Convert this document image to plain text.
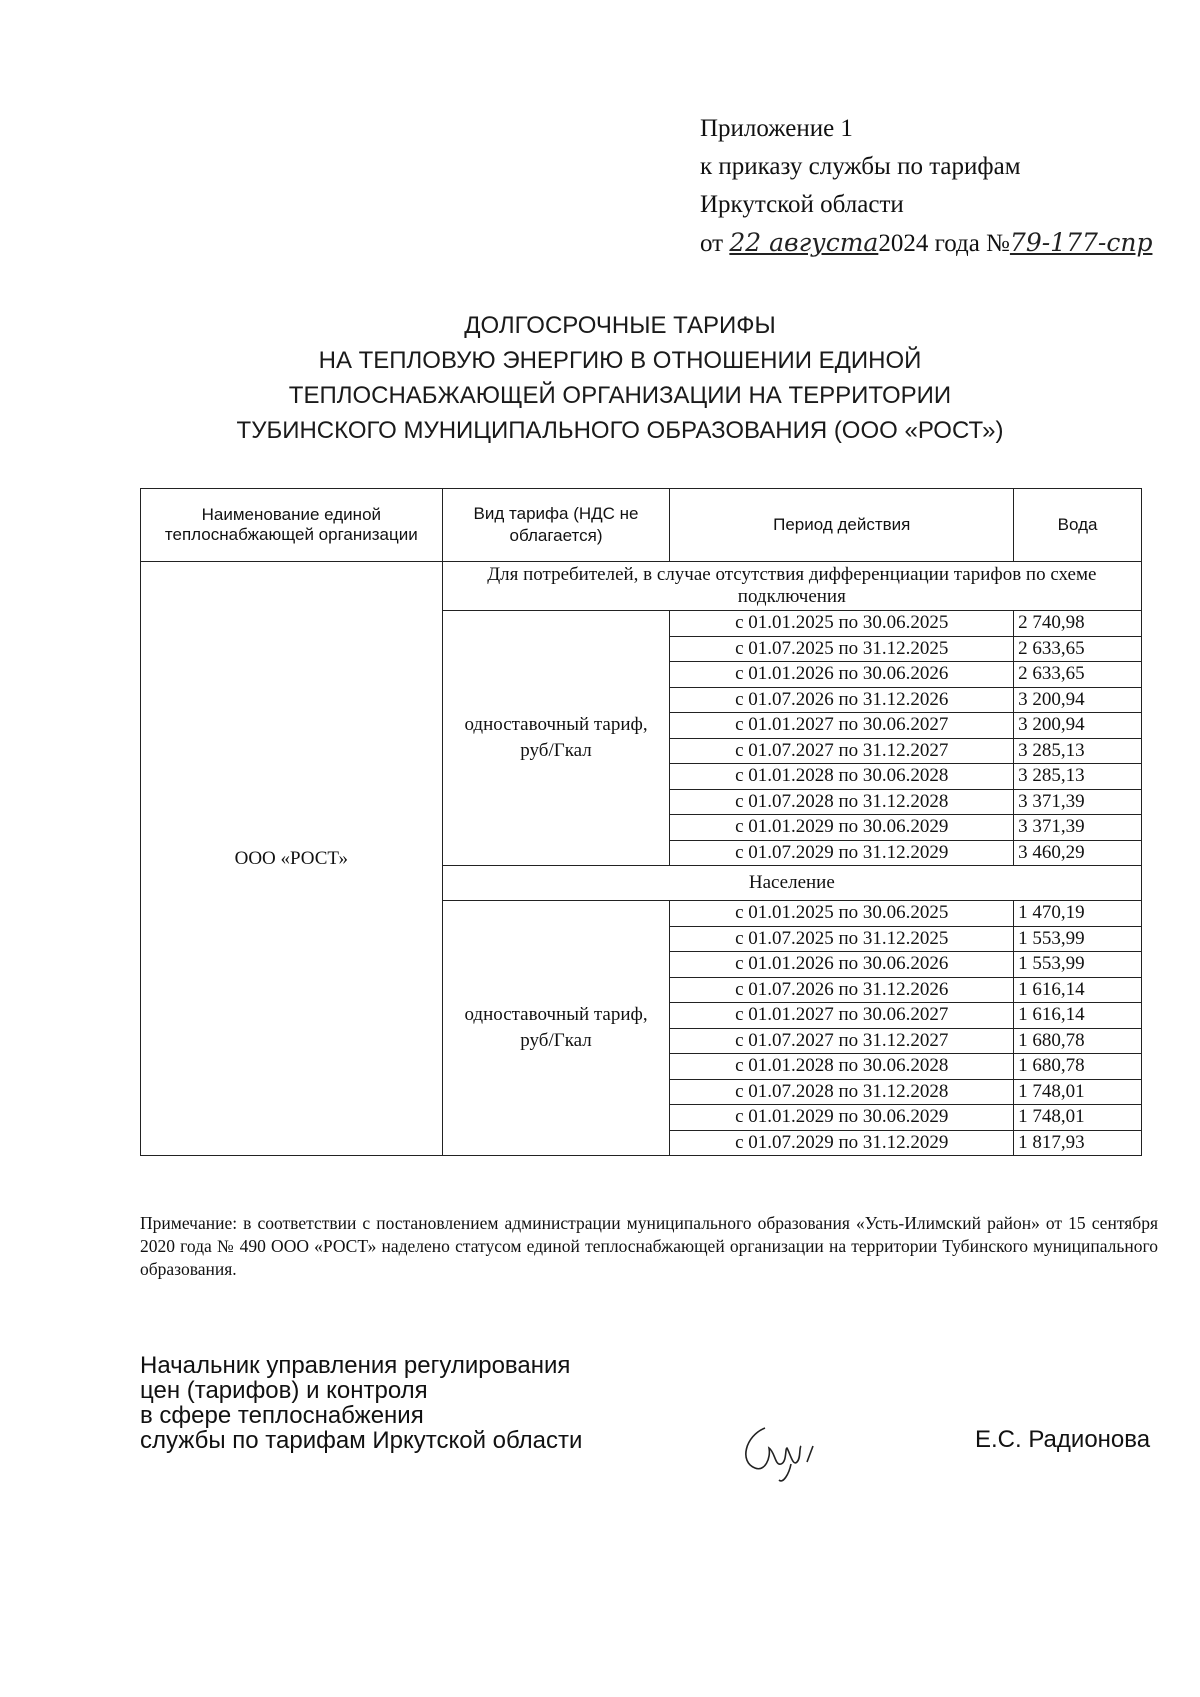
Приложение 1
к приказу службы по тарифам
Иркутской области
от 22 августа2024 года №79-177-спр
ДОЛГОСРОЧНЫЕ ТАРИФЫ
НА ТЕПЛОВУЮ ЭНЕРГИЮ В ОТНОШЕНИИ ЕДИНОЙ
ТЕПЛОСНАБЖАЮЩЕЙ ОРГАНИЗАЦИИ НА ТЕРРИТОРИИ
ТУБИНСКОГО МУНИЦИПАЛЬНОГО ОБРАЗОВАНИЯ (ООО «РОСТ»)
Наименование единой теплоснабжающей организации	Вид тарифа (НДС не облагается)	Период действия	Вода
ООО «РОСТ»	Для потребителей, в случае отсутствия дифференциации тарифов по схеме подключения		
	одноставочный тариф, руб/Гкал	с 01.01.2025 по 30.06.2025	2 740,98
		с 01.07.2025 по 31.12.2025	2 633,65
		с 01.01.2026 по 30.06.2026	2 633,65
		с 01.07.2026 по 31.12.2026	3 200,94
		с 01.01.2027 по 30.06.2027	3 200,94
		с 01.07.2027 по 31.12.2027	3 285,13
		с 01.01.2028 по 30.06.2028	3 285,13
		с 01.07.2028 по 31.12.2028	3 371,39
		с 01.01.2029 по 30.06.2029	3 371,39
		с 01.07.2029 по 31.12.2029	3 460,29
	Население		
	одноставочный тариф, руб/Гкал	с 01.01.2025 по 30.06.2025	1 470,19
		с 01.07.2025 по 31.12.2025	1 553,99
		с 01.01.2026 по 30.06.2026	1 553,99
		с 01.07.2026 по 31.12.2026	1 616,14
		с 01.01.2027 по 30.06.2027	1 616,14
		с 01.07.2027 по 31.12.2027	1 680,78
		с 01.01.2028 по 30.06.2028	1 680,78
		с 01.07.2028 по 31.12.2028	1 748,01
		с 01.01.2029 по 30.06.2029	1 748,01
		с 01.07.2029 по 31.12.2029	1 817,93
Примечание: в соответствии с постановлением администрации муниципального образования «Усть-Илимский район» от 15 сентября 2020 года № 490 ООО «РОСТ» наделено статусом единой теплоснабжающей организации на территории Тубинского муниципального образования.
Начальник управления регулирования
цен (тарифов) и контроля
в сфере теплоснабжения
службы по тарифам Иркутской области	Е.С. Радионова
